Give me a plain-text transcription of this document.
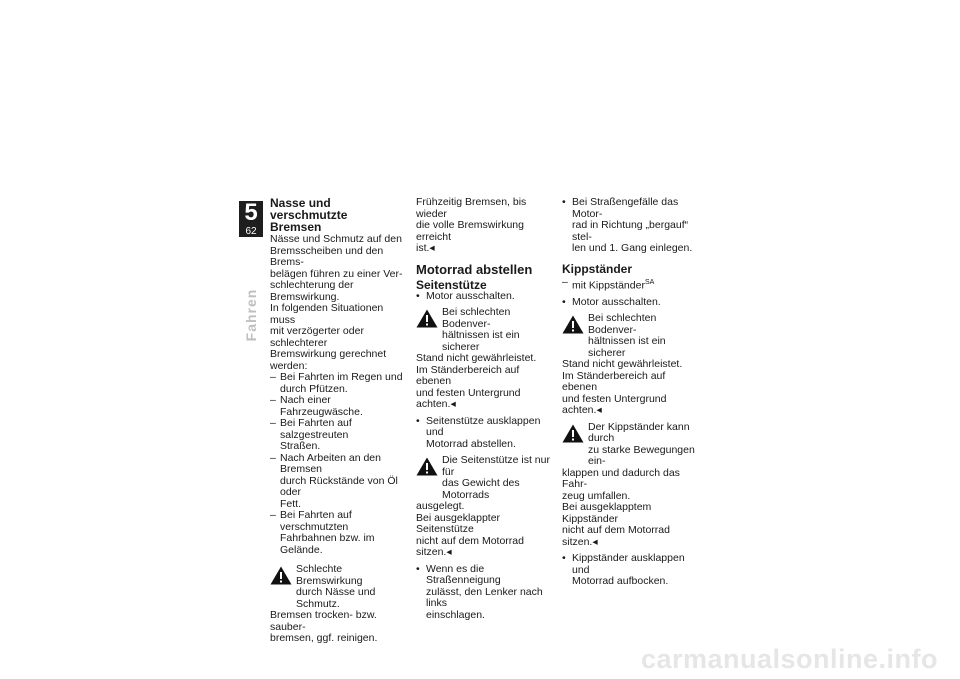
5
62
Fahren

Nasse und verschmutzte
Bremsen

Nässe und Schmutz auf den
Bremsscheiben und den Brems-
belägen führen zu einer Ver-
schlechterung der Bremswirkung.
In folgenden Situationen muss
mit verzögerter oder schlechterer
Bremswirkung gerechnet werden:

– Bei Fahrten im Regen und
durch Pfützen.

– Nach einer Fahrzeugwäsche.

– Bei Fahrten auf salzgestreuten
Straßen.

– Nach Arbeiten an den Bremsen
durch Rückstände von Öl oder
Fett.

– Bei Fahrten auf verschmutzten
Fahrbahnen bzw. im Gelände.

Schlechte Bremswirkung
durch Nässe und Schmutz.
Bremsen trocken- bzw. sauber-
bremsen, ggf. reinigen.

Frühzeitig Bremsen, bis wieder
die volle Bremswirkung erreicht
ist.◂

Motorrad abstellen

Seitenstütze

• Motor ausschalten.

Bei schlechten Bodenver-
hältnissen ist ein sicherer
Stand nicht gewährleistet.
Im Ständerbereich auf ebenen
und festen Untergrund achten.◂

• Seitenstütze ausklappen und
Motorrad abstellen.

Die Seitenstütze ist nur für
das Gewicht des Motorrads
ausgelegt.
Bei ausgeklappter Seitenstütze
nicht auf dem Motorrad sitzen.◂

• Wenn es die Straßenneigung
zulässt, den Lenker nach links
einschlagen.

• Bei Straßengefälle das Motor-
rad in Richtung „bergauf“ stel-
len und 1. Gang einlegen.

Kippständer

– mit Kippständer$^{SA}$

• Motor ausschalten.

Bei schlechten Bodenver-
hältnissen ist ein sicherer
Stand nicht gewährleistet.
Im Ständerbereich auf ebenen
und festen Untergrund achten.◂
Der Kippständer kann durch
zu starke Bewegungen ein-
klappen und dadurch das Fahr-
zeug umfallen.
Bei ausgeklapptem Kippständer
nicht auf dem Motorrad sitzen.◂

• Kippständer ausklappen und
Motorrad aufbocken.

carmanualsonline.info
